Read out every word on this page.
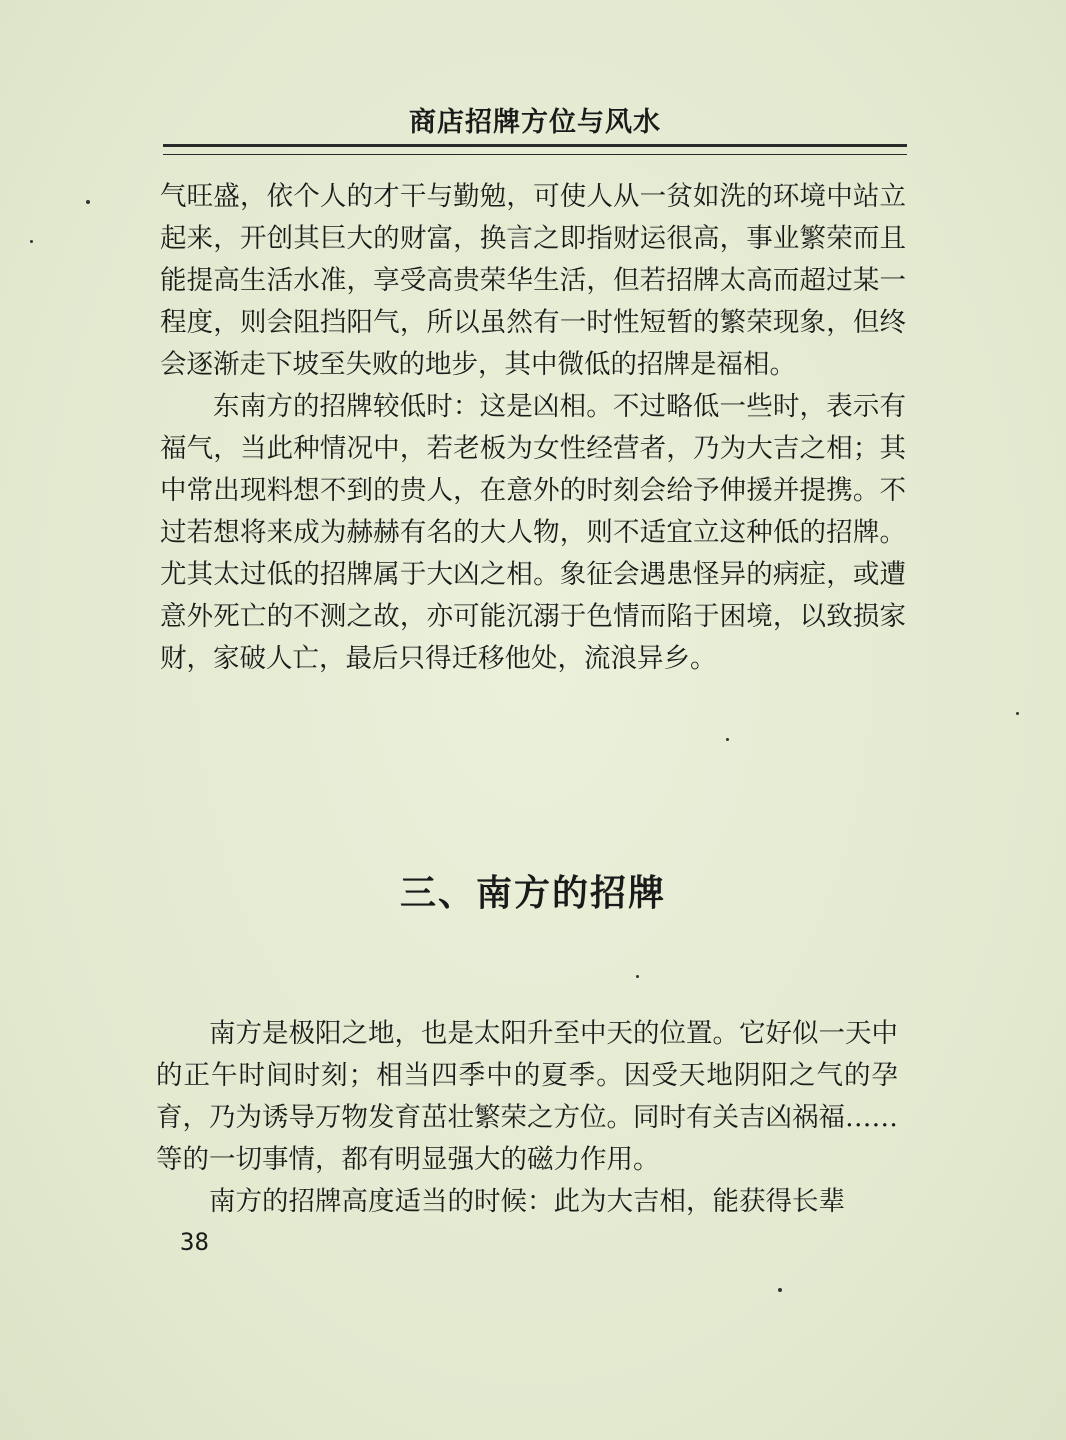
商店招牌方位与风水

气旺盛，依个人的才干与勤勉，可使人从一贫如洗的环境中站立起来，开创其巨大的财富，换言之即指财运很高，事业繁荣而且能提高生活水准，享受高贵荣华生活，但若招牌太高而超过某一程度，则会阻挡阳气，所以虽然有一时性短暂的繁荣现象，但终会逐渐走下坡至失败的地步，其中微低的招牌是福相。

东南方的招牌较低时：这是凶相。不过略低一些时，表示有福气，当此种情况中，若老板为女性经营者，乃为大吉之相；其中常出现料想不到的贵人，在意外的时刻会给予伸援并提携。不过若想将来成为赫赫有名的大人物，则不适宜立这种低的招牌。尤其太过低的招牌属于大凶之相。象征会遇患怪异的病症，或遭意外死亡的不测之故，亦可能沉溺于色情而陷于困境，以致损家财，家破人亡，最后只得迁移他处，流浪异乡。

三、南方的招牌

南方是极阳之地，也是太阳升至中天的位置。它好似一天中的正午时间时刻；相当四季中的夏季。因受天地阴阳之气的孕育，乃为诱导万物发育茁壮繁荣之方位。同时有关吉凶祸福……等的一切事情，都有明显强大的磁力作用。

南方的招牌高度适当的时候：此为大吉相，能获得长辈

38
